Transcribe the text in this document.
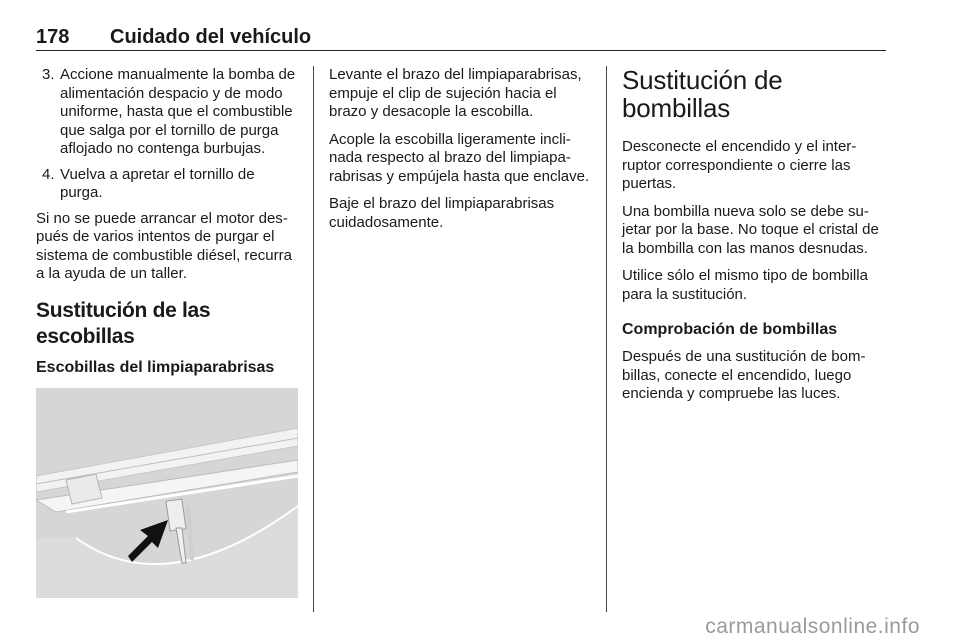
178 Cuidado del vehículo
3. Accione manualmente la bomba de alimentación despacio y de modo uniforme, hasta que el combustible que salga por el tornillo de purga aflojado no contenga burbujas.
4. Vuelva a apretar el tornillo de purga.

Si no se puede arrancar el motor después de varios intentos de purgar el sistema de combustible diésel, recurra a la ayuda de un taller.

Sustitución de las escobillas
Escobillas del limpiaparabrisas

Levante el brazo del limpiaparabrisas, empuje el clip de sujeción hacia el brazo y desacople la escobilla.

Acople la escobilla ligeramente inclinada respecto al brazo del limpiaparabrisas y empújela hasta que enclave.

Baje el brazo del limpiaparabrisas cuidadosamente.

Sustitución de bombillas

Desconecte el encendido y el interruptor correspondiente o cierre las puertas.

Una bombilla nueva solo se debe sujetar por la base. No toque el cristal de la bombilla con las manos desnudas.

Utilice sólo el mismo tipo de bombilla para la sustitución.

Comprobación de bombillas

Después de una sustitución de bombillas, conecte el encendido, luego encienda y compruebe las luces.

carmanualsonline.info
